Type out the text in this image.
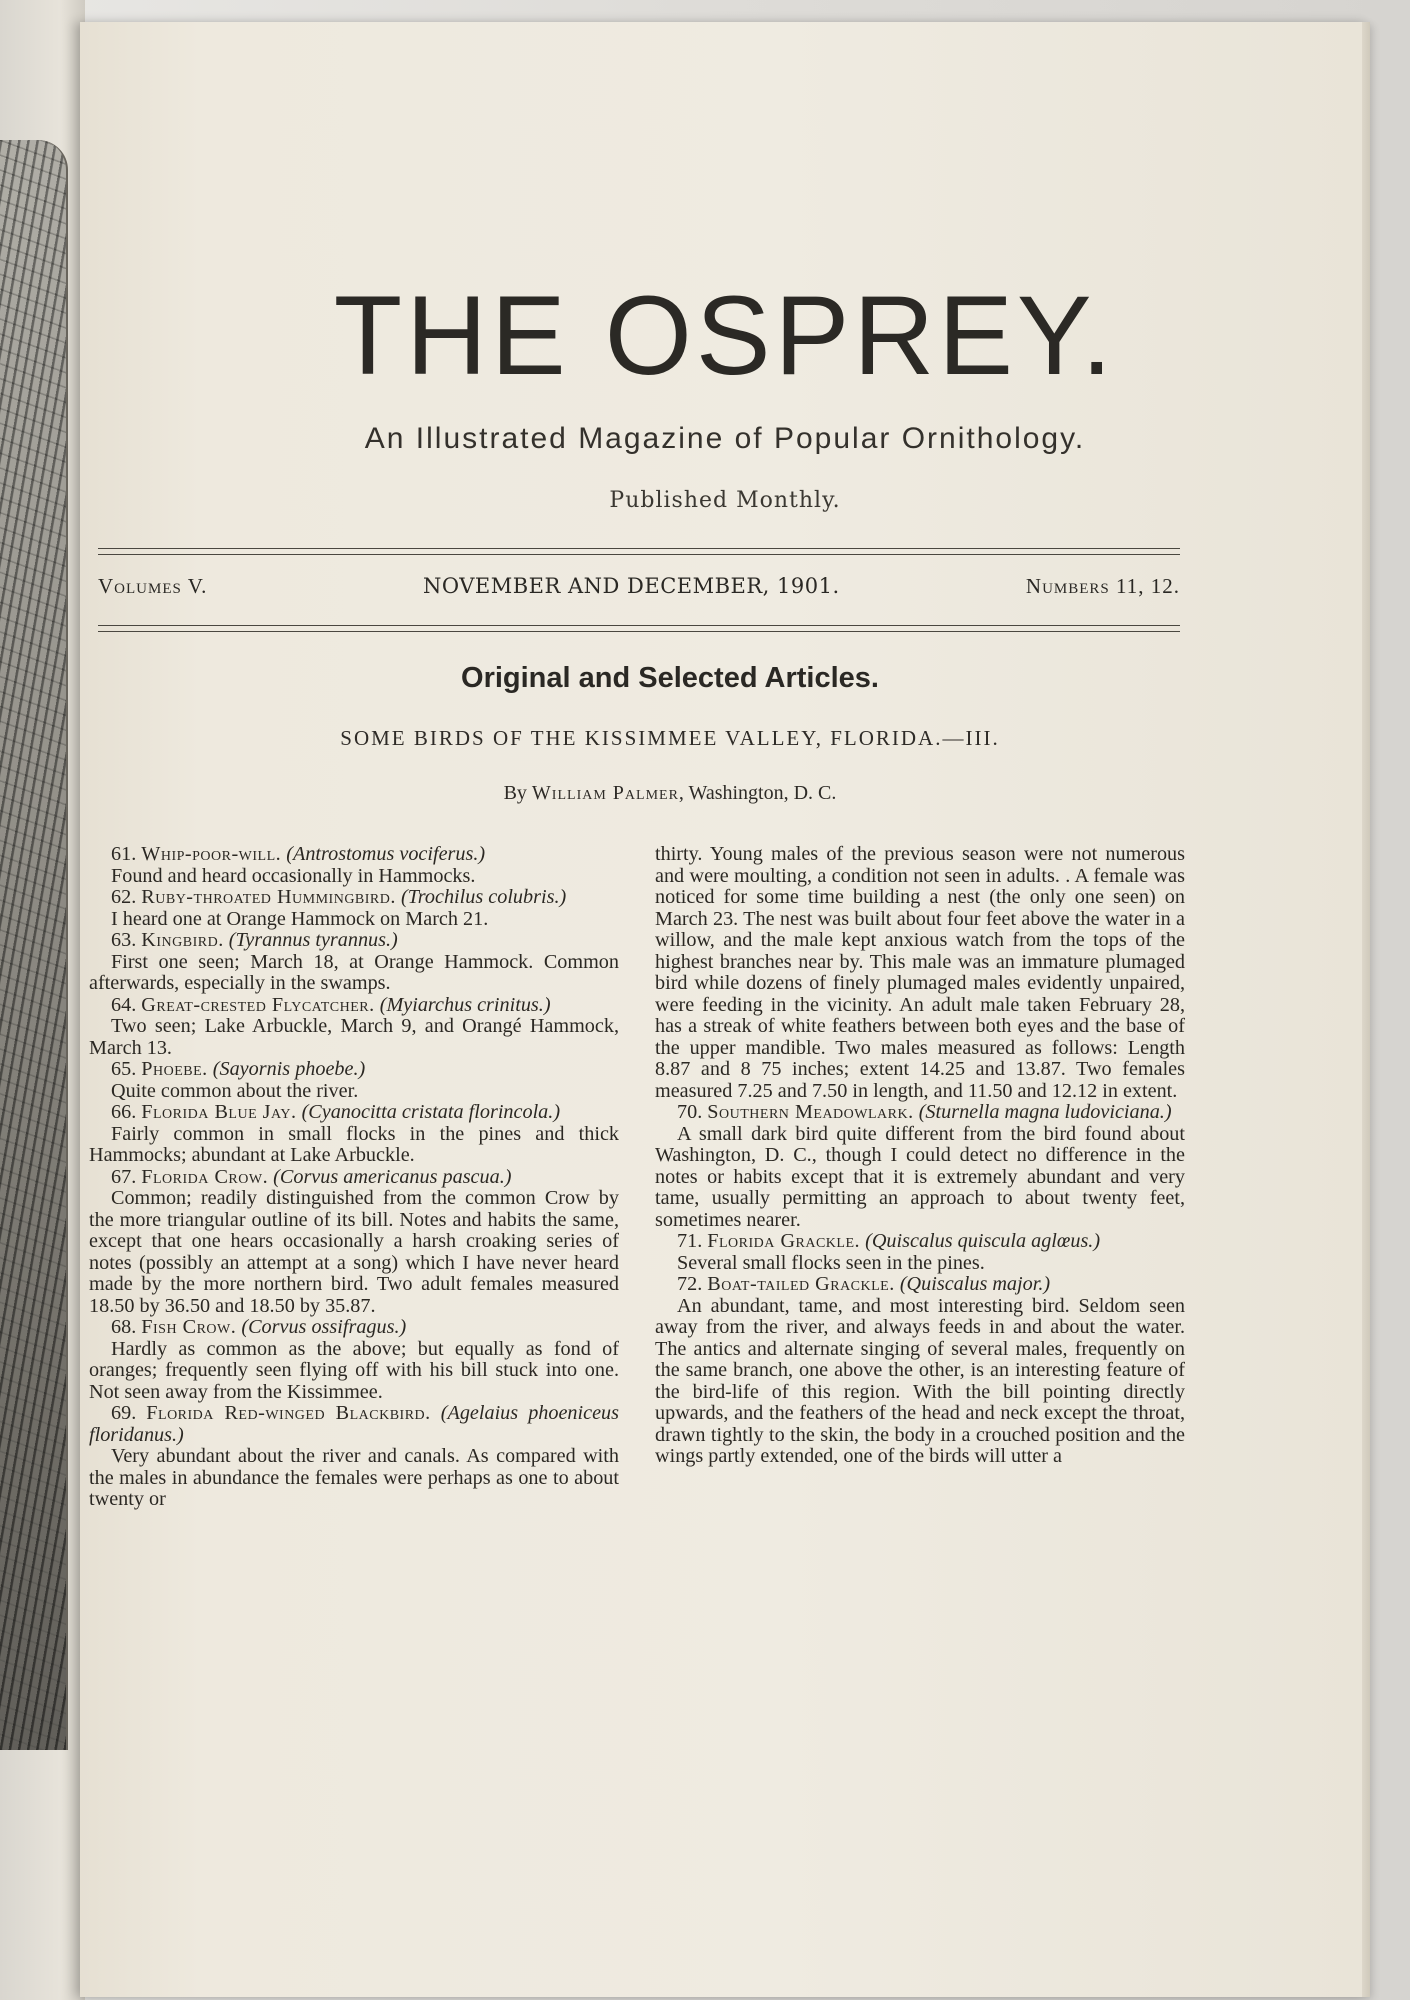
THE OSPREY.

An Illustrated Magazine of Popular Ornithology.

Published Monthly.
Volumes V.	NOVEMBER AND DECEMBER, 1901.	Numbers 11, 12.
Original and Selected Articles.
SOME BIRDS OF THE KISSIMMEE VALLEY, FLORIDA.—III.
By William Palmer, Washington, D. C.

61. Whip-poor-will. (Antrostomus vociferus.)

Found and heard occasionally in Hammocks.

62. Ruby-throated Hummingbird. (Trochilus colubris.)

I heard one at Orange Hammock on March 21.

63. Kingbird. (Tyrannus tyrannus.)

First one seen; March 18, at Orange Hammock. Common afterwards, especially in the swamps.

64. Great-crested Flycatcher. (Myiarchus crinitus.)

Two seen; Lake Arbuckle, March 9, and Orangé Hammock, March 13.

65. Phoebe. (Sayornis phoebe.)

Quite common about the river.

66. Florida Blue Jay. (Cyanocitta cristata florincola.)

Fairly common in small flocks in the pines and thick Hammocks; abundant at Lake Arbuckle.

67. Florida Crow. (Corvus americanus pascua.)

Common; readily distinguished from the common Crow by the more triangular outline of its bill. Notes and habits the same, except that one hears occasionally a harsh croaking series of notes (possibly an attempt at a song) which I have never heard made by the more northern bird. Two adult females measured 18.50 by 36.50 and 18.50 by 35.87.

68. Fish Crow. (Corvus ossifragus.)

Hardly as common as the above; but equally as fond of oranges; frequently seen flying off with his bill stuck into one. Not seen away from the Kissimmee.

69. Florida Red-winged Blackbird. (Agelaius phoeniceus floridanus.)

Very abundant about the river and canals. As compared with the males in abundance the females were perhaps as one to about twenty or

thirty. Young males of the previous season were not numerous and were moulting, a condition not seen in adults. . A female was noticed for some time building a nest (the only one seen) on March 23. The nest was built about four feet above the water in a willow, and the male kept anxious watch from the tops of the highest branches near by. This male was an immature plumaged bird while dozens of finely plumaged males evidently unpaired, were feeding in the vicinity. An adult male taken February 28, has a streak of white feathers between both eyes and the base of the upper mandible. Two males measured as follows: Length 8.87 and 8 75 inches; extent 14.25 and 13.87. Two females measured 7.25 and 7.50 in length, and 11.50 and 12.12 in extent.

70. Southern Meadowlark. (Sturnella magna ludoviciana.)

A small dark bird quite different from the bird found about Washington, D. C., though I could detect no difference in the notes or habits except that it is extremely abundant and very tame, usually permitting an approach to about twenty feet, sometimes nearer.

71. Florida Grackle. (Quiscalus quiscula aglœus.)

Several small flocks seen in the pines.

72. Boat-tailed Grackle. (Quiscalus major.)

An abundant, tame, and most interesting bird. Seldom seen away from the river, and always feeds in and about the water. The antics and alternate singing of several males, frequently on the same branch, one above the other, is an interesting feature of the bird-life of this region. With the bill pointing directly upwards, and the feathers of the head and neck except the throat, drawn tightly to the skin, the body in a crouched position and the wings partly extended, one of the birds will utter a
